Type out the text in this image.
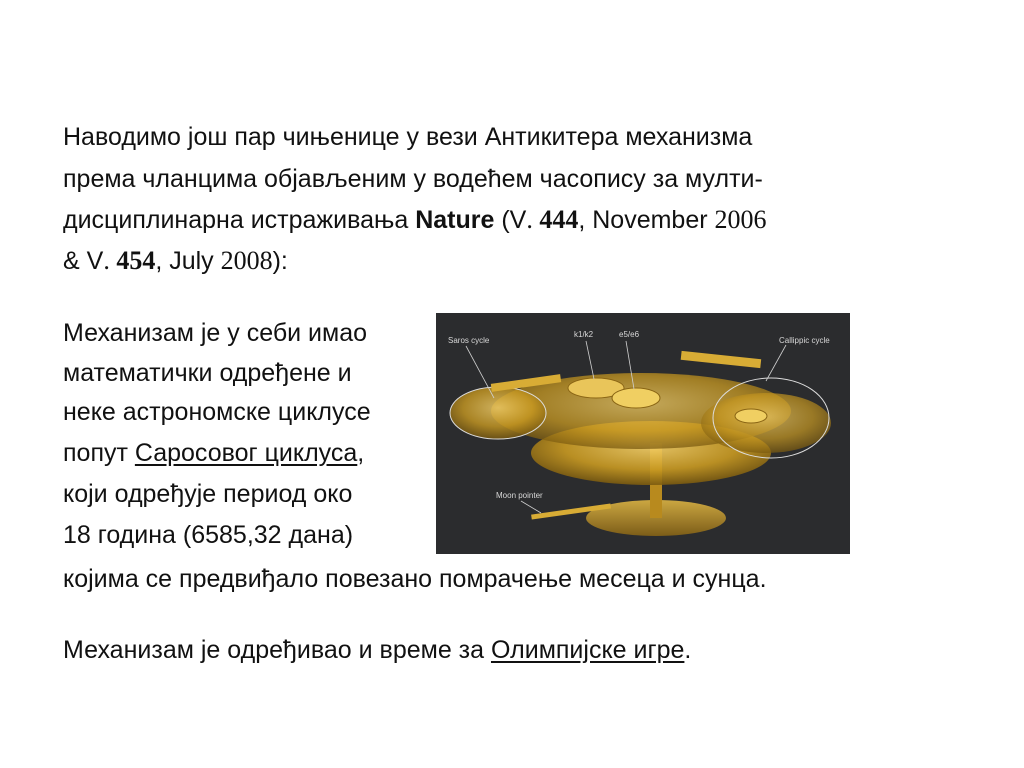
Наводимо још пар чињенице у вези Антикитера механизма

према чланцима објављеним у водећем часопису за мулти-

дисциплинарна истраживања Nature (V. 444, November 2006

& V. 454, July 2008):

Механизам је у себи имао

математички одређене и

неке астрономске циклусе

попут Саросовог циклуса,

који одређује период око

18 година (6585,32 дана)

којима се предвиђало повезано помрачење месеца и сунца.

Механизам је одређивао и време за Олимпијске игре.

Saros cycle
k1/k2	e5/e6
Callippic cycle
Moon pointer
